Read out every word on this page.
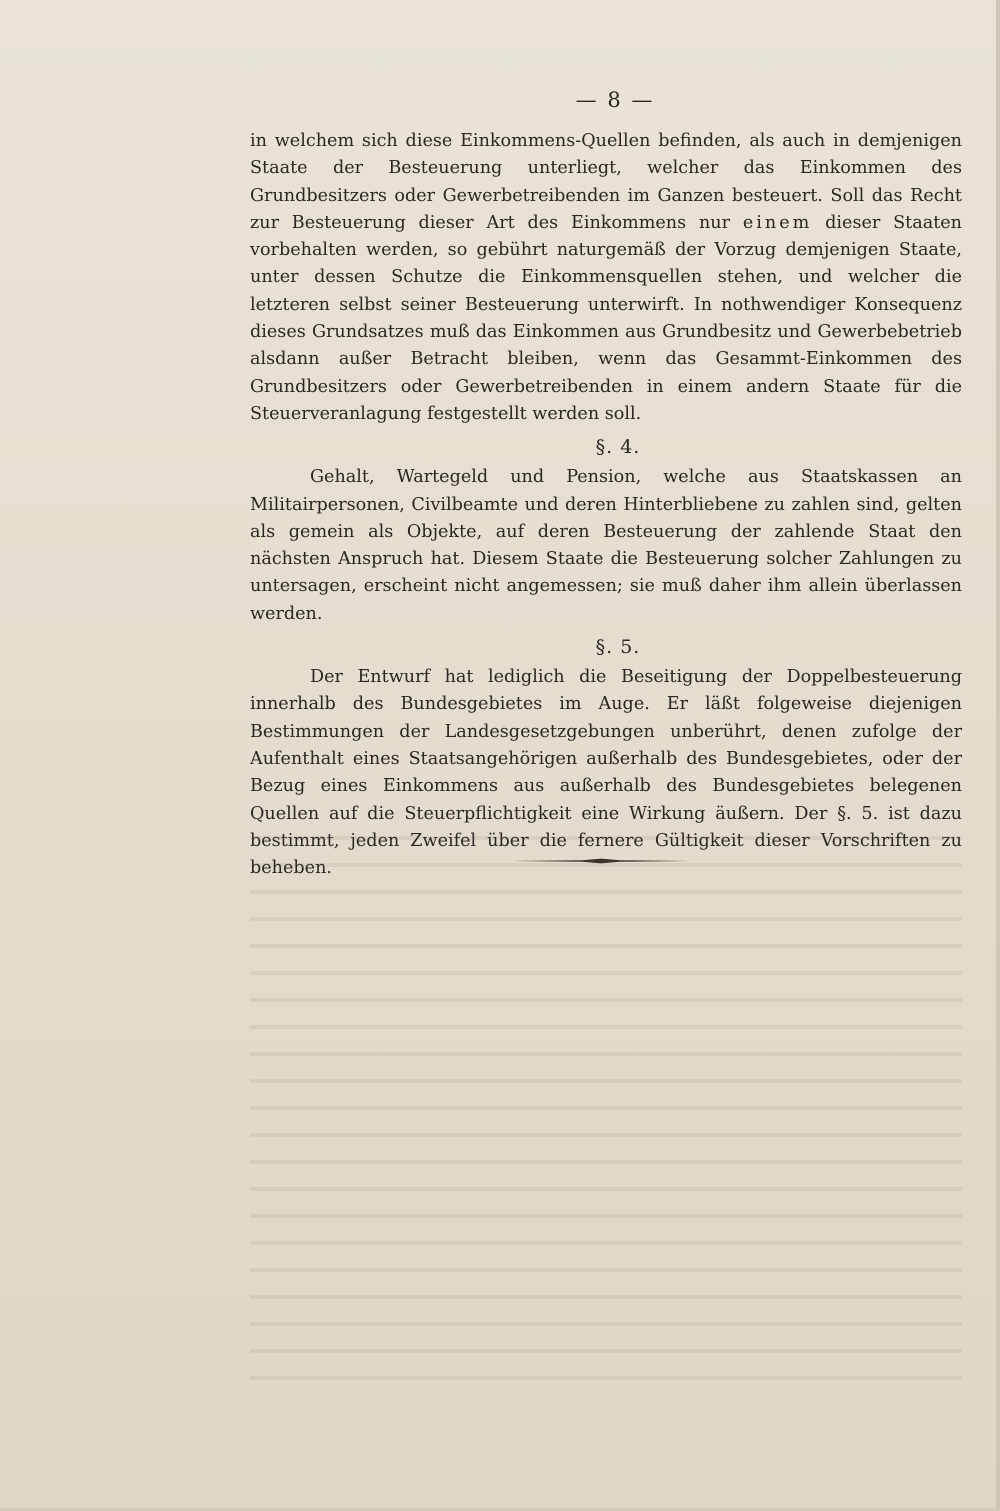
— 8 —

in welchem sich diese Einkommens-Quellen befinden, als auch in demjenigen Staate der Besteuerung unterliegt, welcher das Einkommen des Grundbesitzers oder Gewerbetreibenden im Ganzen besteuert. Soll das Recht zur Besteuerung dieser Art des Einkommens nur einem dieser Staaten vorbehalten werden, so gebührt naturgemäß der Vorzug demjenigen Staate, unter dessen Schutze die Einkommensquellen stehen, und welcher die letzteren selbst seiner Besteuerung unterwirft. In nothwendiger Konsequenz dieses Grundsatzes muß das Einkommen aus Grundbesitz und Gewerbebetrieb alsdann außer Betracht bleiben, wenn das Gesammt-Einkommen des Grundbesitzers oder Gewerbetreibenden in einem andern Staate für die Steuerveranlagung festgestellt werden soll.

§. 4.

Gehalt, Wartegeld und Pension, welche aus Staatskassen an Militairpersonen, Civilbeamte und deren Hinterbliebene zu zahlen sind, gelten als gemein als Objekte, auf deren Besteuerung der zahlende Staat den nächsten Anspruch hat. Diesem Staate die Besteuerung solcher Zahlungen zu untersagen, erscheint nicht angemessen; sie muß daher ihm allein überlassen werden.

§. 5.

Der Entwurf hat lediglich die Beseitigung der Doppelbesteuerung innerhalb des Bundesgebietes im Auge. Er läßt folgeweise diejenigen Bestimmungen der Landesgesetzgebungen unberührt, denen zufolge der Aufenthalt eines Staatsangehörigen außerhalb des Bundesgebietes, oder der Bezug eines Einkommens aus außerhalb des Bundesgebietes belegenen Quellen auf die Steuerpflichtigkeit eine Wirkung äußern. Der §. 5. ist dazu bestimmt, jeden Zweifel über die fernere Gültigkeit dieser Vorschriften zu beheben.
